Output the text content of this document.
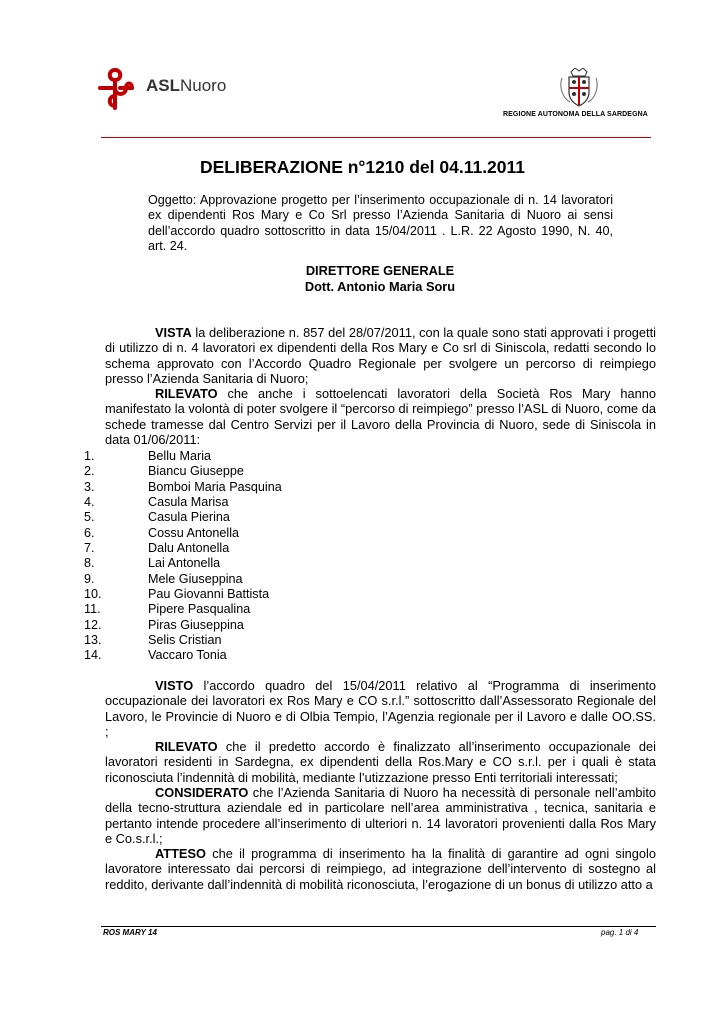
ASLNuoro
REGIONE AUTONOMA DELLA SARDEGNA
DELIBERAZIONE n°1210 del 04.11.2011
Oggetto: Approvazione progetto per l’inserimento occupazionale di n. 14 lavoratori ex dipendenti Ros Mary e Co Srl presso l’Azienda Sanitaria di Nuoro ai sensi dell’accordo quadro sottoscritto in data 15/04/2011 . L.R. 22 Agosto 1990, N. 40, art. 24.
DIRETTORE GENERALE
Dott. Antonio Maria Soru
VISTA la deliberazione n. 857 del 28/07/2011, con la quale sono stati approvati i progetti di utilizzo di n. 4 lavoratori ex dipendenti della Ros Mary e Co srl di Siniscola, redatti secondo lo schema approvato con l’Accordo Quadro Regionale per svolgere un percorso di reimpiego presso l’Azienda Sanitaria di Nuoro;
RILEVATO che anche i sottoelencati lavoratori della Società Ros Mary hanno manifestato la volontà di poter svolgere il “percorso di reimpiego” presso l’ASL di Nuoro, come da schede tramesse dal Centro Servizi per il Lavoro della Provincia di Nuoro, sede di Siniscola in data 01/06/2011:
1.	Bellu Maria
2.	Biancu Giuseppe
3.	Bomboi Maria Pasquina
4.	Casula Marisa
5.	Casula Pierina
6.	Cossu Antonella
7.	Dalu Antonella
8.	Lai Antonella
9.	Mele Giuseppina
10.	Pau Giovanni Battista
11.	Pipere Pasqualina
12.	Piras Giuseppina
13.	Selis Cristian
14.	Vaccaro Tonia
VISTO l’accordo quadro del 15/04/2011 relativo al “Programma di inserimento occupazionale dei lavoratori ex Ros Mary e CO s.r.l.” sottoscritto dall’Assessorato Regionale del Lavoro, le Provincie di Nuoro e di Olbia Tempio, l’Agenzia regionale per il Lavoro e dalle OO.SS. ;
RILEVATO che il predetto accordo è finalizzato all’inserimento occupazionale dei lavoratori residenti in Sardegna, ex dipendenti della Ros.Mary e CO s.r.l. per i quali è stata riconosciuta l’indennità di mobilità, mediante l’utizzazione presso Enti territoriali interessati;
CONSIDERATO che l’Azienda Sanitaria di Nuoro ha necessità di personale nell’ambito della tecno-struttura aziendale ed in particolare nell’area amministrativa , tecnica, sanitaria e pertanto intende procedere all’inserimento di ulteriori n. 14 lavoratori provenienti dalla Ros Mary e Co.s.r.l.;
ATTESO che il programma di inserimento ha la finalità di garantire ad ogni singolo lavoratore interessato dai percorsi di reimpiego, ad integrazione dell’intervento di sostegno al reddito, derivante dall’indennità di mobilità riconosciuta, l’erogazione di un bonus di utilizzo atto a
ROS MARY 14	pag. 1 di 4
